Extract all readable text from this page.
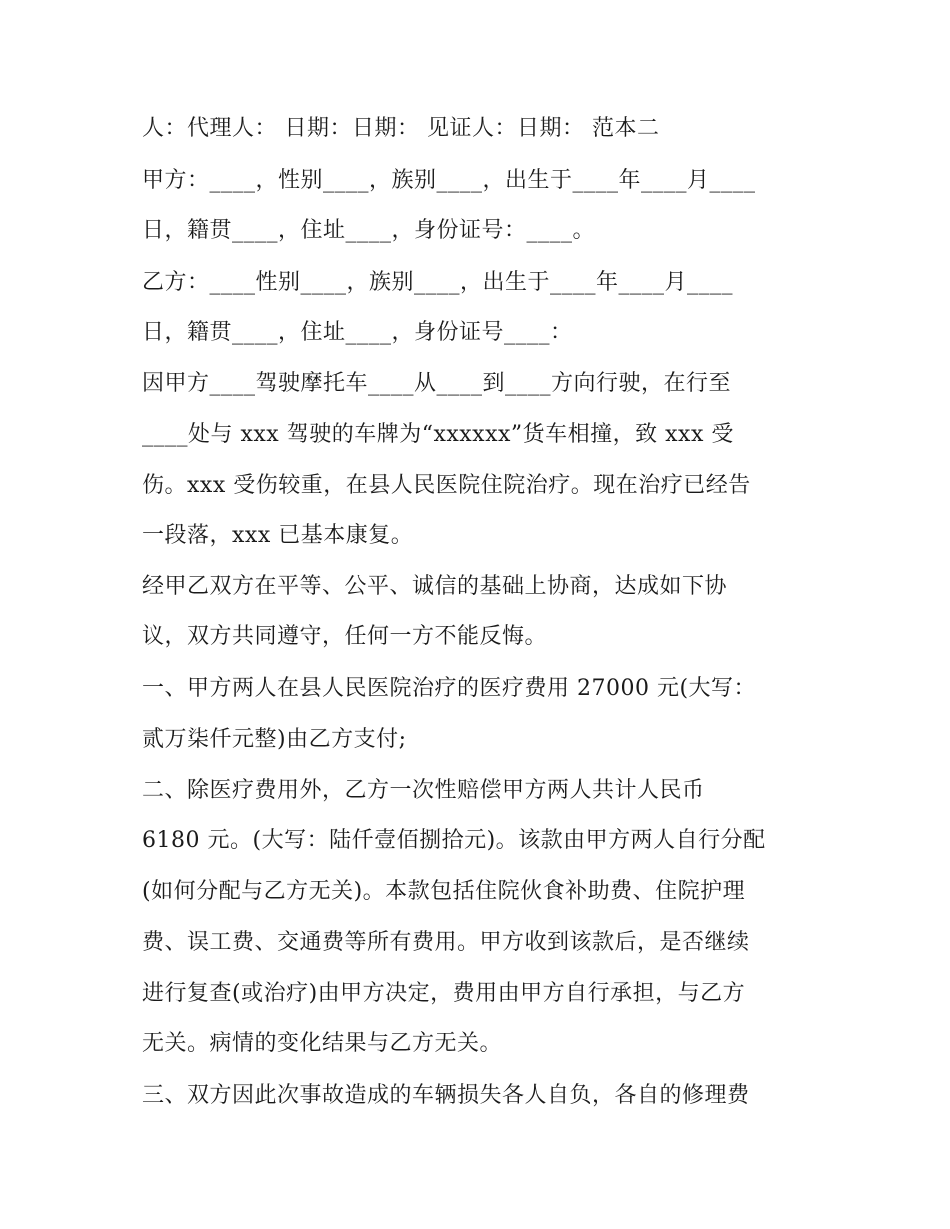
人：代理人： 日期：日期： 见证人：日期： 范本二
甲方：____，性别____，族别____，出生于____年____月____
日，籍贯____，住址____，身份证号：____。
乙方：____性别____，族别____，出生于____年____月____
日，籍贯____，住址____，身份证号____：
因甲方____驾驶摩托车____从____到____方向行驶，在行至
____处与 xxx 驾驶的车牌为“xxxxxx”货车相撞，致 xxx 受
伤。xxx 受伤较重，在县人民医院住院治疗。现在治疗已经告
一段落，xxx 已基本康复。
经甲乙双方在平等、公平、诚信的基础上协商，达成如下协
议，双方共同遵守，任何一方不能反悔。
一、甲方两人在县人民医院治疗的医疗费用 27000 元(大写：
贰万柒仟元整)由乙方支付;
二、除医疗费用外，乙方一次性赔偿甲方两人共计人民币
6180 元。(大写：陆仟壹佰捌拾元)。该款由甲方两人自行分配
(如何分配与乙方无关)。本款包括住院伙食补助费、住院护理
费、误工费、交通费等所有费用。甲方收到该款后，是否继续
进行复查(或治疗)由甲方决定，费用由甲方自行承担，与乙方
无关。病情的变化结果与乙方无关。
三、双方因此次事故造成的车辆损失各人自负，各自的修理费
